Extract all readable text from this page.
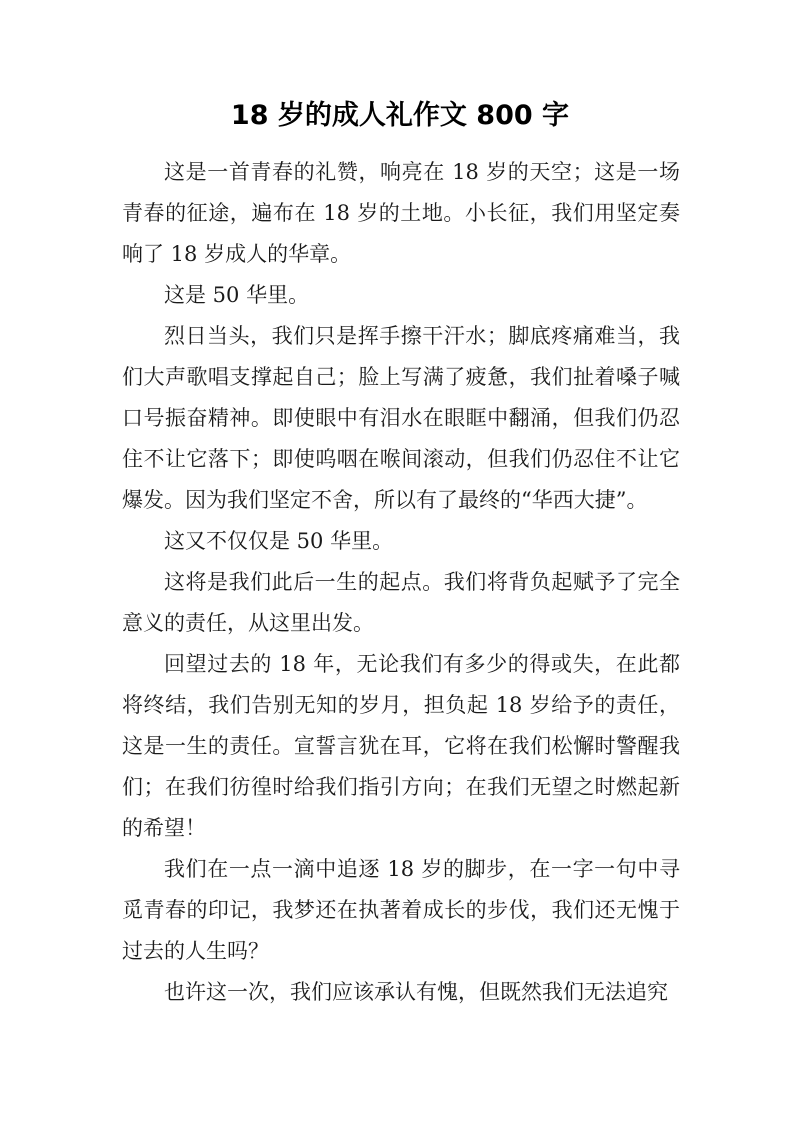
18 岁的成人礼作文 800 字

这是一首青春的礼赞，响亮在 18 岁的天空；这是一场青春的征途，遍布在 18 岁的土地。小长征，我们用坚定奏响了 18 岁成人的华章。

这是 50 华里。

烈日当头，我们只是挥手擦干汗水；脚底疼痛难当，我们大声歌唱支撑起自己；脸上写满了疲惫，我们扯着嗓子喊口号振奋精神。即使眼中有泪水在眼眶中翻涌，但我们仍忍住不让它落下；即使呜咽在喉间滚动，但我们仍忍住不让它爆发。因为我们坚定不舍，所以有了最终的“华西大捷”。

这又不仅仅是 50 华里。

这将是我们此后一生的起点。我们将背负起赋予了完全意义的责任，从这里出发。

回望过去的 18 年，无论我们有多少的得或失，在此都将终结，我们告别无知的岁月，担负起 18 岁给予的责任，这是一生的责任。宣誓言犹在耳，它将在我们松懈时警醒我们；在我们彷徨时给我们指引方向；在我们无望之时燃起新的希望！

我们在一点一滴中追逐 18 岁的脚步，在一字一句中寻觅青春的印记，我梦还在执著着成长的步伐，我们还无愧于过去的人生吗？

也许这一次，我们应该承认有愧，但既然我们无法追究
